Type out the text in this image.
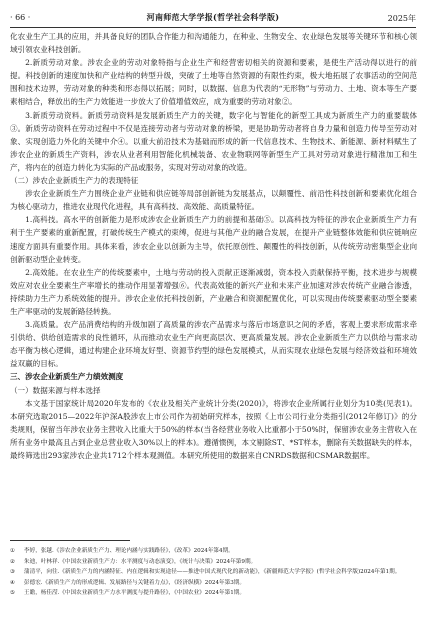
· 66 ·	河南师范大学学报(哲学社会科学版)	2025年

化农业生产工具的应用，并具备良好的团队合作能力和沟通能力，在种业、生物安全、农业绿色发展等关键环节和核心领域引领农业科技创新。

2.新质劳动对象。涉农企业的劳动对象特指与企业生产和经营密切相关的资源和要素，是使生产活动得以进行的前提。科技创新的速度加快和产业结构的转型升级，突破了土地等自然资源的有限性约束，极大地拓展了农事活动的空间范围和技术边界，劳动对象的种类和形态得以拓展；同时，以数据、信息为代表的“无形物”与劳动力、土地、资本等生产要素相结合，释放出的生产力效能进一步放大了价值增值效应，成为重要的劳动对象②。

3.新质劳动资料。新质劳动资料是发展新质生产力的关键，数字化与智能化的新型工具成为新质生产力的重要载体③。新质劳动资料在劳动过程中不仅是连接劳动者与劳动对象的桥梁，更是协助劳动者将自身力量和创造力传导至劳动对象、实现创造力外化的关键中介④。以重大前沿技术为基础而形成的新一代信息技术、生物技术、新能源、新材料赋生了涉农企业的新质生产资料，涉农从业者利用智能化机械装备、农业物联网等新型生产工具对劳动对象进行精准加工和生产，将内在的创造力转化为实际的产品或服务，实现对劳动对象的改造。

（二）涉农企业新质生产力的表现特征

涉农企业新质生产力围绕企业产业链和供应链等局部创新链为发展基点，以颠覆性、前沿性科技创新和要素优化组合为核心驱动力，推进农业现代化进程，具有高科技、高效能、高质量特征。

1.高科技。高水平的创新能力是形成涉农企业新质生产力的前提和基础⑤。以高科技为特征的涉农企业新质生产力有利于生产要素的重新配置，打破传统生产模式的束缚，促进与其他产业的融合发展，在提升产业链整体效能和供应链响应速度方面具有重要作用。具体来看，涉农企业以创新为主导，依托原创性、颠覆性的科技创新，从传统劳动密集型企业向创新驱动型企业转变。

2.高效能。在农业生产的传统要素中，土地与劳动的投入贡献正逐渐减弱，资本投入贡献保持平衡，技术进步与规模效应对农业全要素生产率增长的推动作用显著增强⑥。代表高效能的新兴产业和未来产业加速对涉农传统产业融合渗透，持续助力生产力系统效能的提升。涉农企业依托科技创新，产业融合和资源配置优化，可以实现由传统要素驱动型全要素生产率驱动的发展新路径转换。

3.高质量。农产品消费结构的升级加剧了高质量的涉农产品需求与落后市场意识之间的矛盾，客观上要求形成需求牵引供给、供给创造需求的良性循环，从而推动农业生产向更高层次、更高质量发展。涉农企业新质生产力以供给与需求动态平衡为核心逻辑，通过构建企业环境友好型、资源节约型的绿色发展模式，从而实现农业绿色发展与经济效益和环境效益双赢的目标。

三、涉农企业新质生产力绩效测度

（一）数据来源与样本选择

本文基于国家统计局2020年发布的《农业及相关产业统计分类(2020)》，将涉农企业所属行业划分为10类(见表1)。本研究选取2015—2022年沪深A股涉农上市公司作为初始研究样本，按照《上市公司行业分类指引(2012年修订)》的分类规则，保留当年涉农业务主营收入比重大于50%的样本(当各经营业务收入比重都小于50%时，保留涉农业务主营收入在所有业务中最高且占到企业总营业收入30%以上的样本)。遵循惯例，本文剔除ST、*ST样本，删除有关数据缺失的样本，最终筛选出293家涉农企业共1712个样本观测值。本研究所使用的数据来自CNRDS数据和CSMAR数据库。

① 李婷，张越.《涉农企业新质生产力、理论内涵与实践路径》，《改革》2024年第4期。
② 朱迪，叶林祥.《中国农业新质生产力：水平测度与动态演变》，《统计与决策》2024年第9期。
③ 蒲清平，向往.《新质生产力的内涵特征、内在逻辑和实现途径——推进中国式现代化的新动能》，《新疆师范大学学报》(哲学社会科学版)2024年第1期。
④ 彭德宏.《新质生产力的形成逻辑、发展路径与关键着力点》，《经济纵横》2024年第3期。
⑤ 王瞻，杨佳滢.《中国农业新质生产力水平测度与提升路径》，《中国农业》2024年第1期。
